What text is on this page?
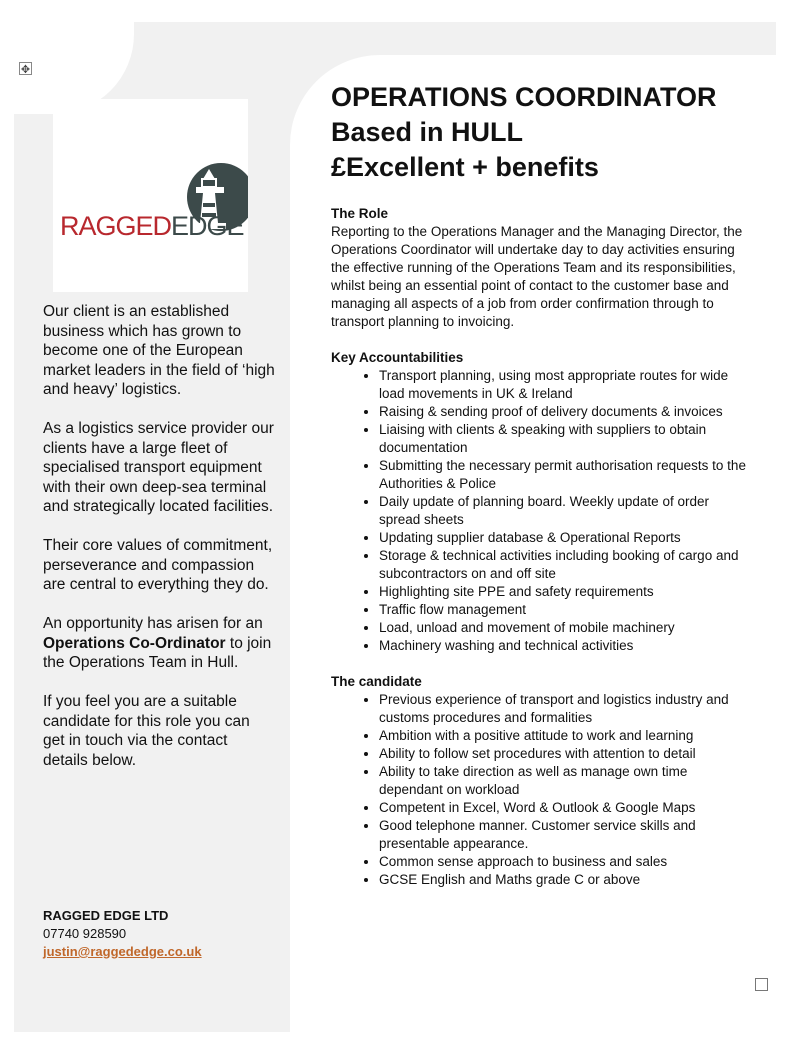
✥
RAGGEDEDGE

Our client is an established business which has grown to become one of the European market leaders in the field of ‘high and heavy’ logistics.

As a logistics service provider our clients have a large fleet of specialised transport equipment with their own deep-sea terminal and strategically located facilities.

Their core values of commitment, perseverance and compassion are central to everything they do.

An opportunity has arisen for an Operations Co-Ordinator to join the Operations Team in Hull.

If you feel you are a suitable candidate for this role you can get in touch via the contact details below.

RAGGED EDGE LTD
07740 928590
justin@raggededge.co.uk

OPERATIONS COORDINATOR

Based in HULL

£Excellent + benefits

The Role

Reporting to the Operations Manager and the Managing Director, the Operations Coordinator will undertake day to day activities ensuring the effective running of the Operations Team and its responsibilities, whilst being an essential point of contact to the customer base and managing all aspects of a job from order confirmation through to transport planning to invoicing.

Key Accountabilities

• Transport planning, using most appropriate routes for wide load movements in UK & Ireland
• Raising & sending proof of delivery documents & invoices
• Liaising with clients & speaking with suppliers to obtain documentation
• Submitting the necessary permit authorisation requests to the Authorities & Police
• Daily update of planning board. Weekly update of order spread sheets
• Updating supplier database & Operational Reports
• Storage & technical activities including booking of cargo and subcontractors on and off site
• Highlighting site PPE and safety requirements
• Traffic flow management
• Load, unload and movement of mobile machinery
• Machinery washing and technical activities

The candidate

• Previous experience of transport and logistics industry and customs procedures and formalities
• Ambition with a positive attitude to work and learning
• Ability to follow set procedures with attention to detail
• Ability to take direction as well as manage own time dependant on workload
• Competent in Excel, Word & Outlook & Google Maps
• Good telephone manner. Customer service skills and presentable appearance.
• Common sense approach to business and sales
• GCSE English and Maths grade C or above
